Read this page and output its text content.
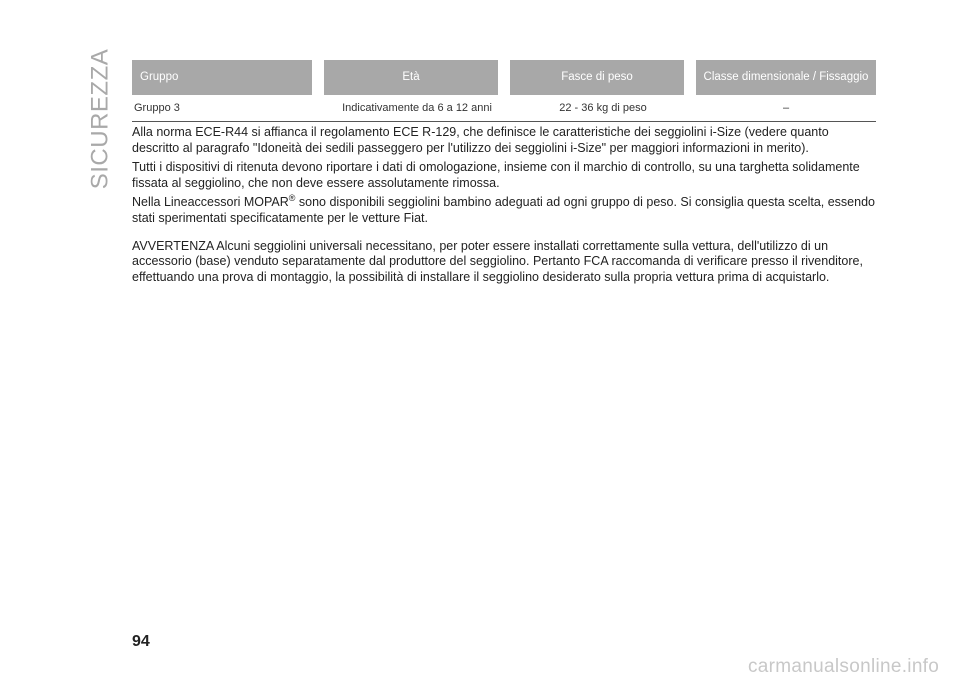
SICUREZZA	Gruppo	Età	Fasce di peso	Classe dimensionale / Fissaggio
Gruppo 3	Indicativamente da 6 a 12 anni	22 - 36 kg di peso	–

Alla norma ECE-R44 si affianca il regolamento ECE R-129, che definisce le caratteristiche dei seggiolini i-Size (vedere quanto descritto al paragrafo "Idoneità dei sedili passeggero per l'utilizzo dei seggiolini i-Size" per maggiori informazioni in merito).

Tutti i dispositivi di ritenuta devono riportare i dati di omologazione, insieme con il marchio di controllo, su una targhetta solidamente fissata al seggiolino, che non deve essere assolutamente rimossa.

Nella Lineaccessori MOPAR® sono disponibili seggiolini bambino adeguati ad ogni gruppo di peso. Si consiglia questa scelta, essendo stati sperimentati specificatamente per le vetture Fiat.

AVVERTENZA Alcuni seggiolini universali necessitano, per poter essere installati correttamente sulla vettura, dell'utilizzo di un accessorio (base) venduto separatamente dal produttore del seggiolino. Pertanto FCA raccomanda di verificare presso il rivenditore, effettuando una prova di montaggio, la possibilità di installare il seggiolino desiderato sulla propria vettura prima di acquistarlo.

94
carmanualsonline.info
